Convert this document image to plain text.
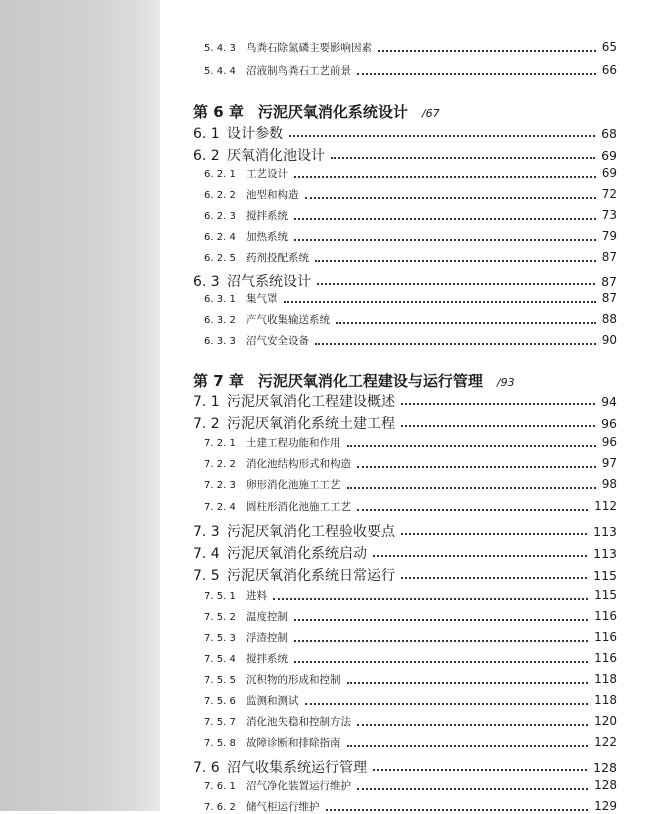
5. 4. 3 鸟粪石除氮磷主要影响因素	65
5. 4. 4 沼液制鸟粪石工艺前景	66
第 6 章 污泥厌氧消化系统设计 /67
6. 1 设计参数	68
6. 2 厌氧消化池设计	69
6. 2. 1 工艺设计	69
6. 2. 2 池型和构造	72
6. 2. 3 搅拌系统	73
6. 2. 4 加热系统	79
6. 2. 5 药剂投配系统	87
6. 3 沼气系统设计	87
6. 3. 1 集气罩	87
6. 3. 2 产气收集输送系统	88
6. 3. 3 沼气安全设备	90
第 7 章 污泥厌氧消化工程建设与运行管理 /93
7. 1 污泥厌氧消化工程建设概述	94
7. 2 污泥厌氧消化系统土建工程	96
7. 2. 1 土建工程功能和作用	96
7. 2. 2 消化池结构形式和构造	97
7. 2. 3 卵形消化池施工工艺	98
7. 2. 4 圆柱形消化池施工工艺	112
7. 3 污泥厌氧消化工程验收要点	113
7. 4 污泥厌氧消化系统启动	113
7. 5 污泥厌氧消化系统日常运行	115
7. 5. 1 进料	115
7. 5. 2 温度控制	116
7. 5. 3 浮渣控制	116
7. 5. 4 搅拌系统	116
7. 5. 5 沉积物的形成和控制	118
7. 5. 6 监测和测试	118
7. 5. 7 消化池失稳和控制方法	120
7. 5. 8 故障诊断和排除指南	122
7. 6 沼气收集系统运行管理	128
7. 6. 1 沼气净化装置运行维护	128
7. 6. 2 储气柜运行维护	129
